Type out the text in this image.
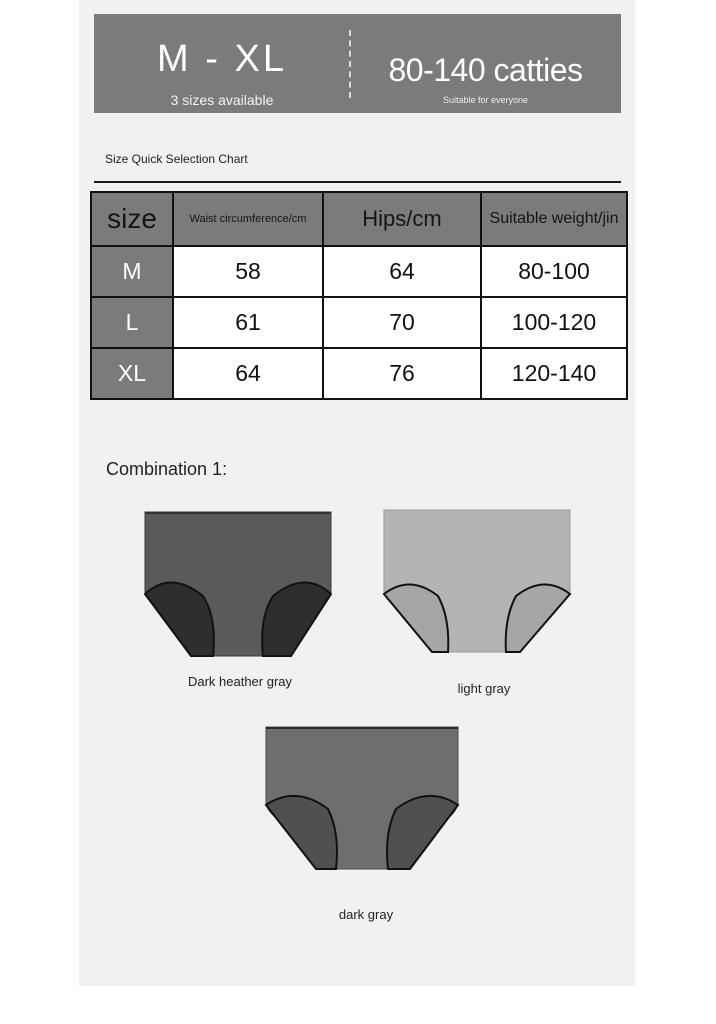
M - XL
3 sizes available
80-140 catties
Suitable for everyone
Size Quick Selection Chart
size	Waist circumference/cm	Hips/cm	Suitable weight/jin
M	58	64	80-100
L	61	70	100-120
XL	64	76	120-140
Combination 1:
Dark heather gray	light gray
dark gray
